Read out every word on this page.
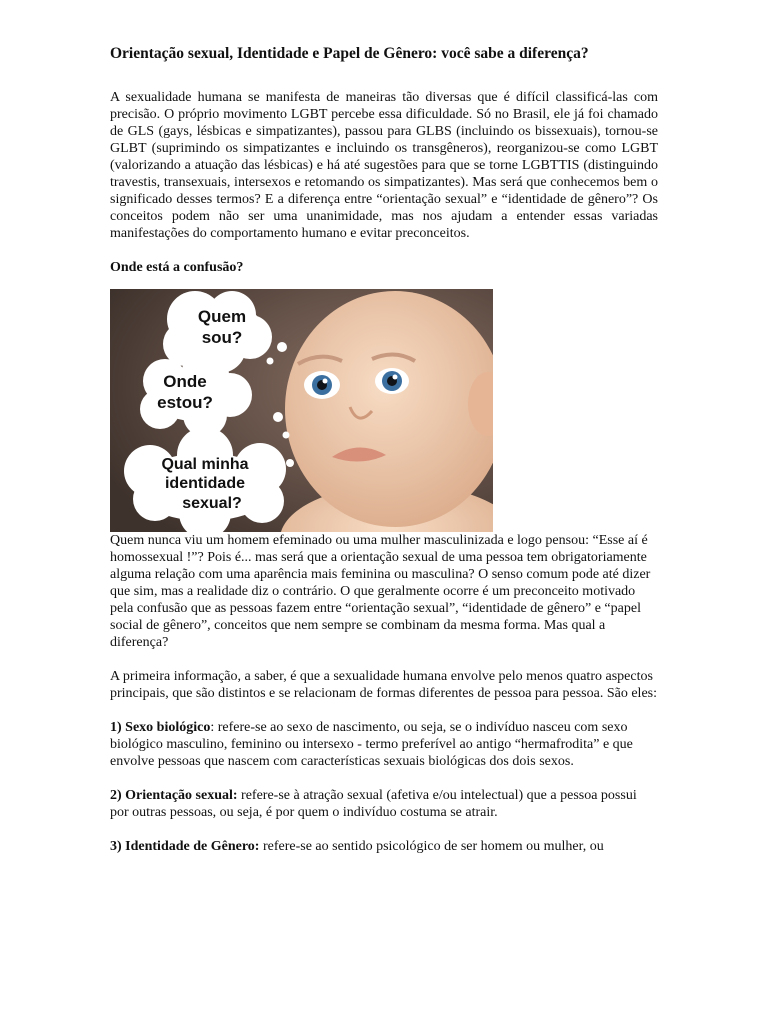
Orientação sexual, Identidade e Papel de Gênero: você sabe a diferença?

A sexualidade humana se manifesta de maneiras tão diversas que é difícil classificá-las com precisão. O próprio movimento LGBT percebe essa dificuldade. Só no Brasil, ele já foi chamado de GLS (gays, lésbicas e simpatizantes), passou para GLBS (incluindo os bissexuais), tornou-se GLBT (suprimindo os simpatizantes e incluindo os transgêneros), reorganizou-se como LGBT (valorizando a atuação das lésbicas) e há até sugestões para que se torne LGBTTIS (distinguindo travestis, transexuais, intersexos e retomando os simpatizantes). Mas será que conhecemos bem o significado desses termos? E a diferença entre “orientação sexual” e “identidade de gênero”? Os conceitos podem não ser uma unanimidade, mas nos ajudam a entender essas variadas manifestações do comportamento humano e evitar preconceitos.

Onde está a confusão?
Quem
sou?
Onde
estou?
Qual minha
identidade
sexual?

Quem nunca viu um homem efeminado ou uma mulher masculinizada e logo pensou: “Esse aí é homossexual !”? Pois é... mas será que a orientação sexual de uma pessoa tem obrigatoriamente alguma relação com uma aparência mais feminina ou masculina? O senso comum pode até dizer que sim, mas a realidade diz o contrário. O que geralmente ocorre é um preconceito motivado pela confusão que as pessoas fazem entre “orientação sexual”, “identidade de gênero” e “papel social de gênero”, conceitos que nem sempre se combinam da mesma forma. Mas qual a diferença?

A primeira informação, a saber, é que a sexualidade humana envolve pelo menos quatro aspectos principais, que são distintos e se relacionam de formas diferentes de pessoa para pessoa. São eles:

1) Sexo biológico: refere-se ao sexo de nascimento, ou seja, se o indivíduo nasceu com sexo biológico masculino, feminino ou intersexo - termo preferível ao antigo “hermafrodita” e que envolve pessoas que nascem com características sexuais biológicas dos dois sexos.

2) Orientação sexual: refere-se à atração sexual (afetiva e/ou intelectual) que a pessoa possui por outras pessoas, ou seja, é por quem o indivíduo costuma se atrair.

3) Identidade de Gênero: refere-se ao sentido psicológico de ser homem ou mulher, ou
